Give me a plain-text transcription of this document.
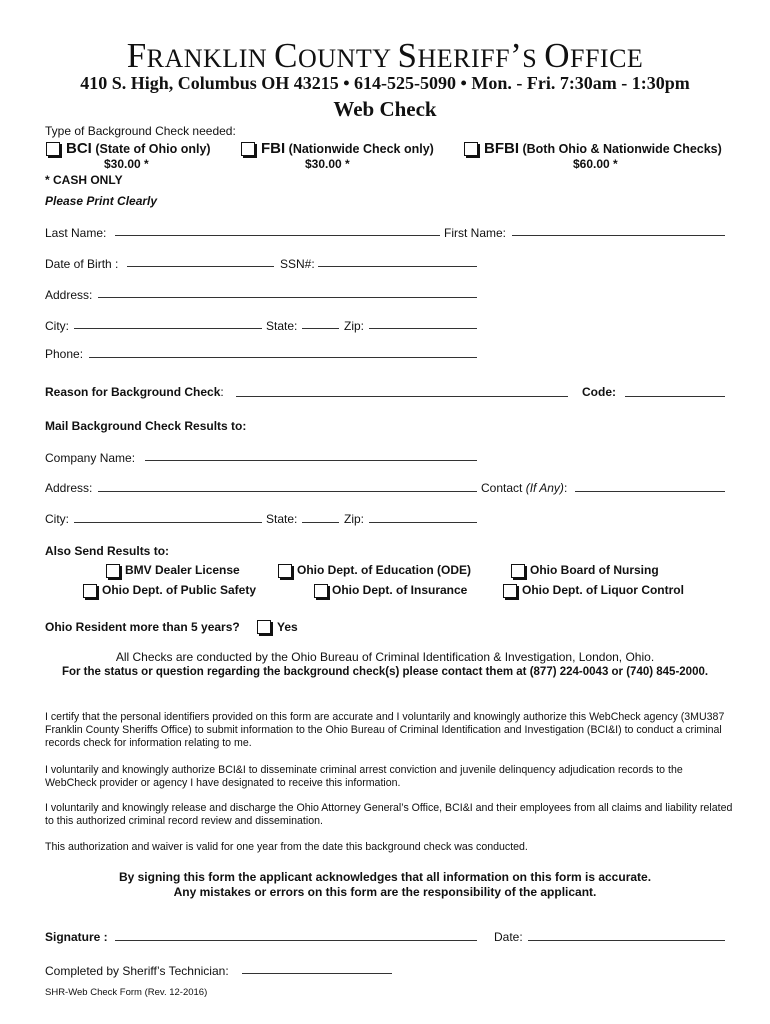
FRANKLIN COUNTY SHERIFF’S OFFICE
410 S. High, Columbus OH 43215 • 614-525-5090 • Mon. - Fri. 7:30am - 1:30pm
Web Check
Type of Background Check needed:
BCI (State of Ohio only)
$30.00 *
FBI (Nationwide Check only)
$30.00 *
BFBI (Both Ohio & Nationwide Checks)
$60.00 *
* CASH ONLY
Please Print Clearly
Last Name:	First Name:
Date of Birth :	SSN#:
Address:
City:	State:	Zip:
Phone:
Reason for Background Check:	Code:
Mail Background Check Results to:
Company Name:
Address:	Contact (If Any):
City:	State:	Zip:
Also Send Results to:
BMV Dealer License	Ohio Dept. of Education (ODE)	Ohio Board of Nursing
Ohio Dept. of Public Safety	Ohio Dept. of Insurance	Ohio Dept. of Liquor Control
Ohio Resident more than 5 years?	Yes
All Checks are conducted by the Ohio Bureau of Criminal Identification & Investigation, London, Ohio.
For the status or question regarding the background check(s) please contact them at (877) 224-0043 or (740) 845-2000.
I certify that the personal identifiers provided on this form are accurate and I voluntarily and knowingly authorize this WebCheck agency (3MU387 Franklin County Sheriffs Office) to submit information to the Ohio Bureau of Criminal Identification and Investigation (BCI&I) to conduct a criminal records check for information relating to me.
I voluntarily and knowingly authorize BCI&I to disseminate criminal arrest conviction and juvenile delinquency adjudication records to the WebCheck provider or agency I have designated to receive this information.
I voluntarily and knowingly release and discharge the Ohio Attorney General’s Office, BCI&I and their employees from all claims and liability related to this authorized criminal record review and dissemination.
This authorization and waiver is valid for one year from the date this background check was conducted.
By signing this form the applicant acknowledges that all information on this form is accurate.
Any mistakes or errors on this form are the responsibility of the applicant.
Signature :	Date:
Completed by Sheriff’s Technician:
SHR-Web Check Form (Rev. 12-2016)
